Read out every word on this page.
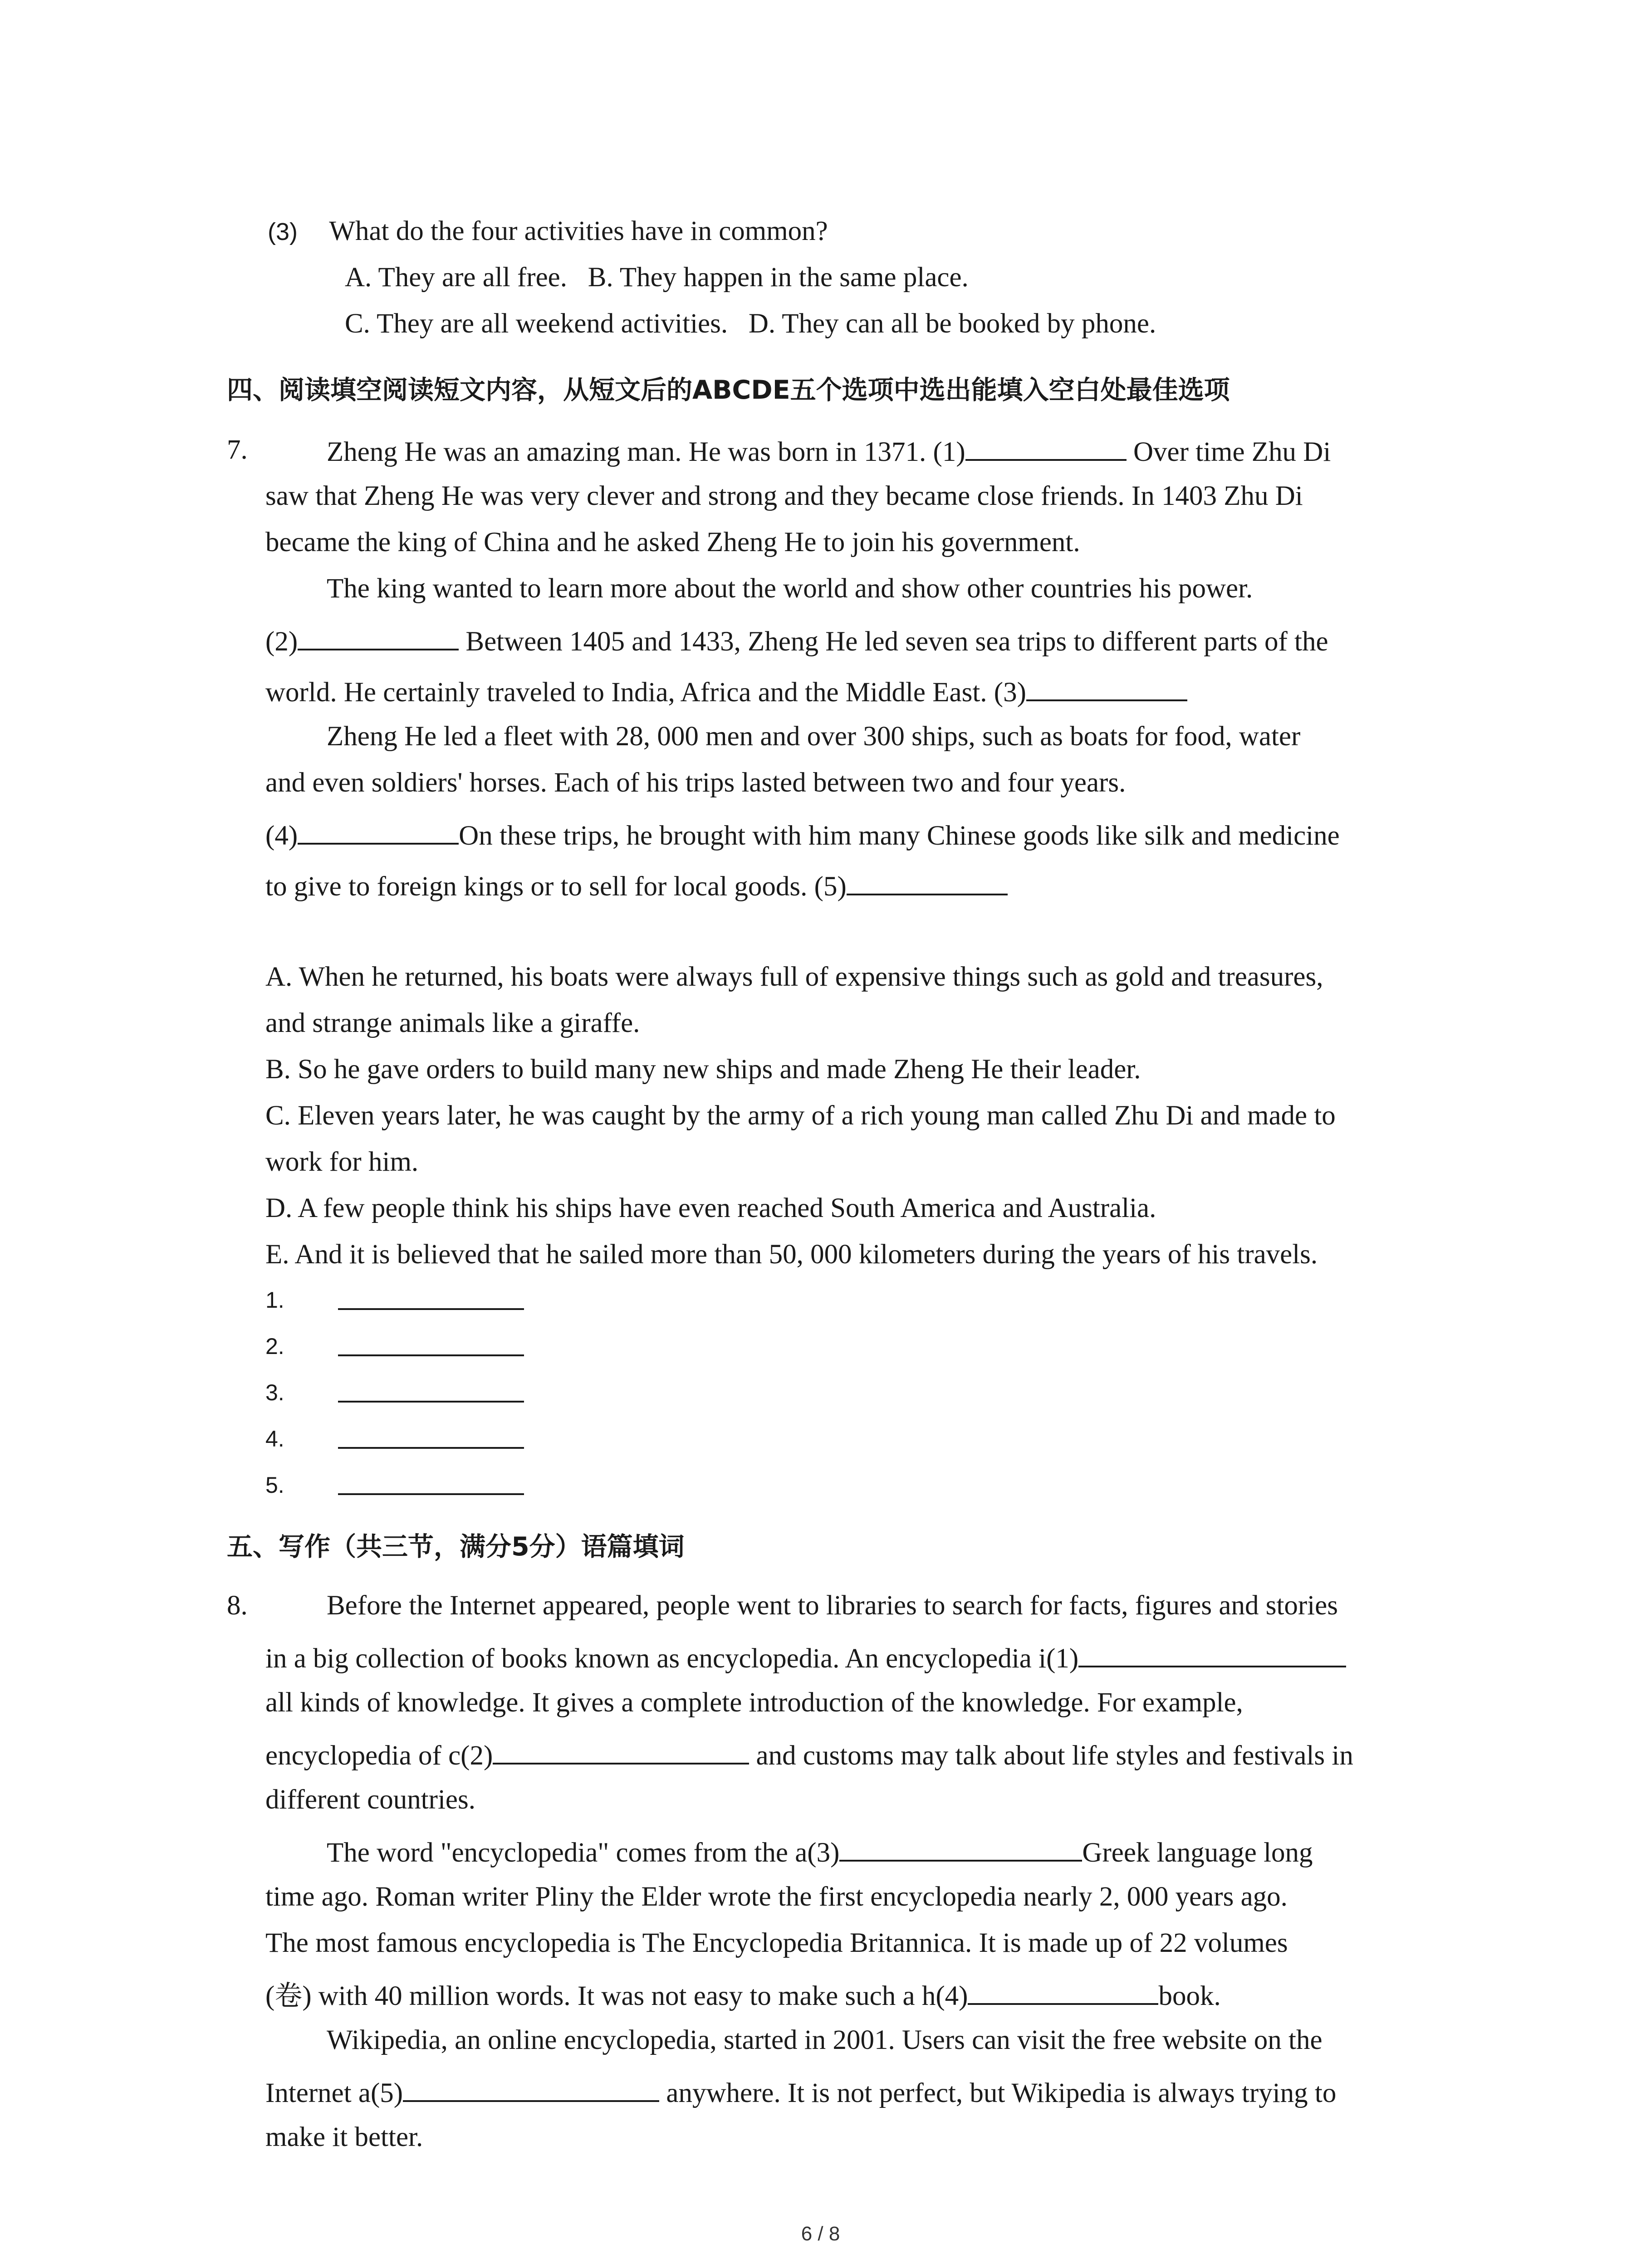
(3) What do the four activities have in common?
A. They are all free.   B. They happen in the same place.
C. They are all weekend activities.   D. They can all be booked by phone.
四、阅读填空阅读短文内容，从短文后的ABCDE五个选项中选出能填入空白处最佳选项
7.	Zheng He was an amazing man. He was born in 1371. (1)	Over time Zhu Di
saw that Zheng He was very clever and strong and they became close friends. In 1403 Zhu Di
became the king of China and he asked Zheng He to join his government.
The king wanted to learn more about the world and show other countries his power.
(2)	Between 1405 and 1433, Zheng He led seven sea trips to different parts of the
world. He certainly traveled to India, Africa and the Middle East. (3)
Zheng He led a fleet with 28, 000 men and over 300 ships, such as boats for food, water
and even soldiers' horses. Each of his trips lasted between two and four years.
(4)	On these trips, he brought with him many Chinese goods like silk and medicine
to give to foreign kings or to sell for local goods. (5)
A. When he returned, his boats were always full of expensive things such as gold and treasures,
and strange animals like a giraffe.
B. So he gave orders to build many new ships and made Zheng He their leader.
C. Eleven years later, he was caught by the army of a rich young man called Zhu Di and made to
work for him.
D. A few people think his ships have even reached South America and Australia.
E. And it is believed that he sailed more than 50, 000 kilometers during the years of his travels.
1.
2.
3.
4.
5.
五、写作（共三节，满分5分）语篇填词
8.	Before the Internet appeared, people went to libraries to search for facts, figures and stories
in a big collection of books known as encyclopedia. An encyclopedia i(1)
all kinds of knowledge. It gives a complete introduction of the knowledge. For example,
encyclopedia of c(2)	and customs may talk about life styles and festivals in
different countries.
The word "encyclopedia" comes from the a(3)	Greek language long
time ago. Roman writer Pliny the Elder wrote the first encyclopedia nearly 2, 000 years ago.
The most famous encyclopedia is The Encyclopedia Britannica. It is made up of 22 volumes
(卷) with 40 million words. It was not easy to make such a h(4)	book.
Wikipedia, an online encyclopedia, started in 2001. Users can visit the free website on the
Internet a(5)	anywhere. It is not perfect, but Wikipedia is always trying to
make it better.
6 / 8
